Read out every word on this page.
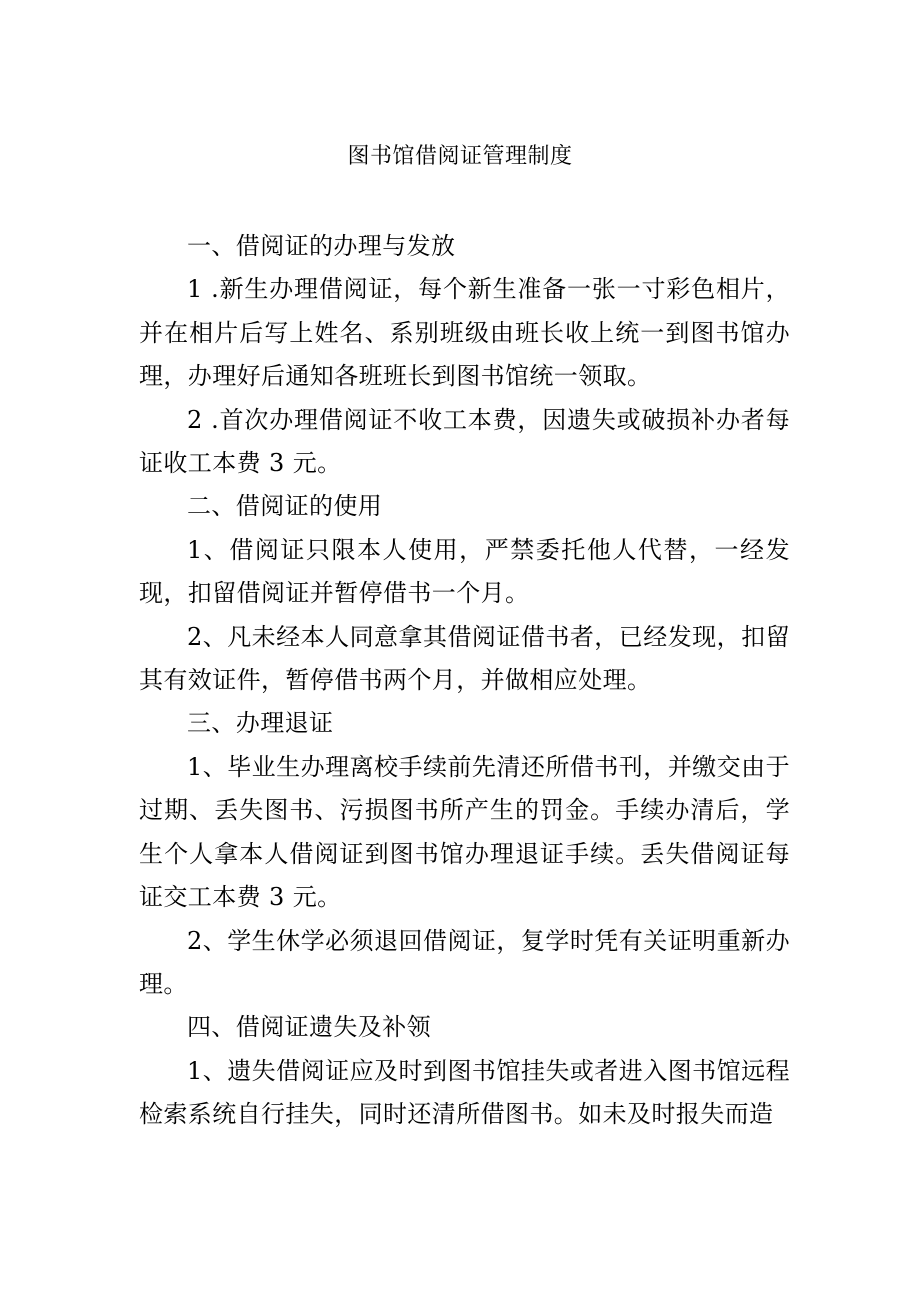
图书馆借阅证管理制度

一、借阅证的办理与发放

1 .新生办理借阅证，每个新生准备一张一寸彩色相片，并在相片后写上姓名、系别班级由班长收上统一到图书馆办理，办理好后通知各班班长到图书馆统一领取。

2 .首次办理借阅证不收工本费，因遗失或破损补办者每证收工本费 3 元。

二、借阅证的使用

1、借阅证只限本人使用，严禁委托他人代替，一经发现，扣留借阅证并暂停借书一个月。

2、凡未经本人同意拿其借阅证借书者，已经发现，扣留其有效证件，暂停借书两个月，并做相应处理。

三、办理退证

1、毕业生办理离校手续前先清还所借书刊，并缴交由于过期、丢失图书、污损图书所产生的罚金。手续办清后，学生个人拿本人借阅证到图书馆办理退证手续。丢失借阅证每证交工本费 3 元。

2、学生休学必须退回借阅证，复学时凭有关证明重新办理。

四、借阅证遗失及补领

1、遗失借阅证应及时到图书馆挂失或者进入图书馆远程检索系统自行挂失，同时还清所借图书。如未及时报失而造
